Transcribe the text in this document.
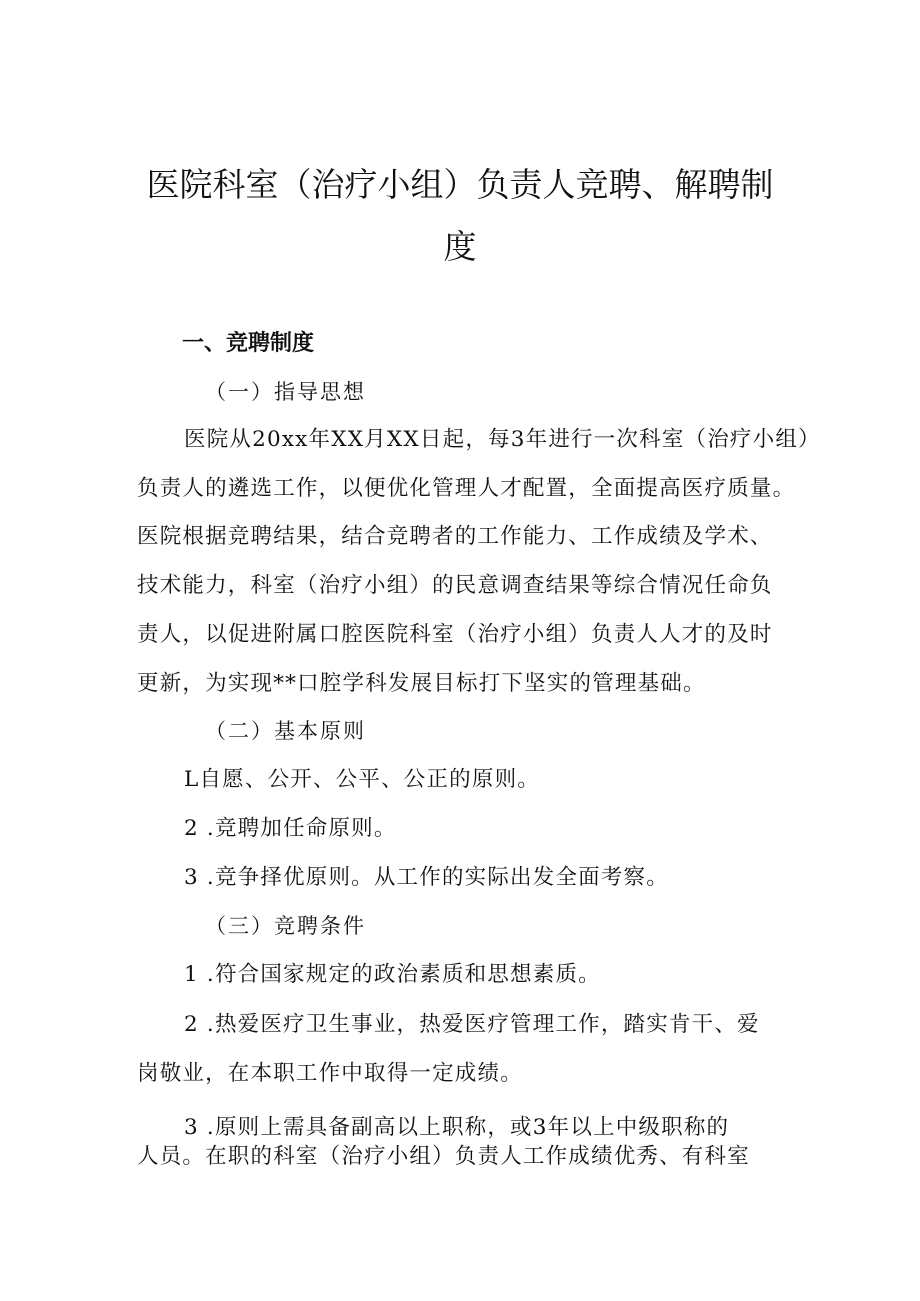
医院科室（治疗小组）负责人竞聘、解聘制
度
一、竞聘制度
（一）指导思想
医院从20xx年XX月XX日起，每3年进行一次科室（治疗小组）
负责人的遴选工作，以便优化管理人才配置，全面提高医疗质量。
医院根据竞聘结果，结合竞聘者的工作能力、工作成绩及学术、
技术能力，科室（治疗小组）的民意调查结果等综合情况任命负
责人，以促进附属口腔医院科室（治疗小组）负责人人才的及时
更新，为实现**口腔学科发展目标打下坚实的管理基础。
（二）基本原则
L自愿、公开、公平、公正的原则。
2 .竞聘加任命原则。
3 .竞争择优原则。从工作的实际出发全面考察。
（三）竞聘条件
1 .符合国家规定的政治素质和思想素质。
2 .热爱医疗卫生事业，热爱医疗管理工作，踏实肯干、爱
岗敬业，在本职工作中取得一定成绩。
3 .原则上需具备副高以上职称，或3年以上中级职称的
人员。在职的科室（治疗小组）负责人工作成绩优秀、有科室
